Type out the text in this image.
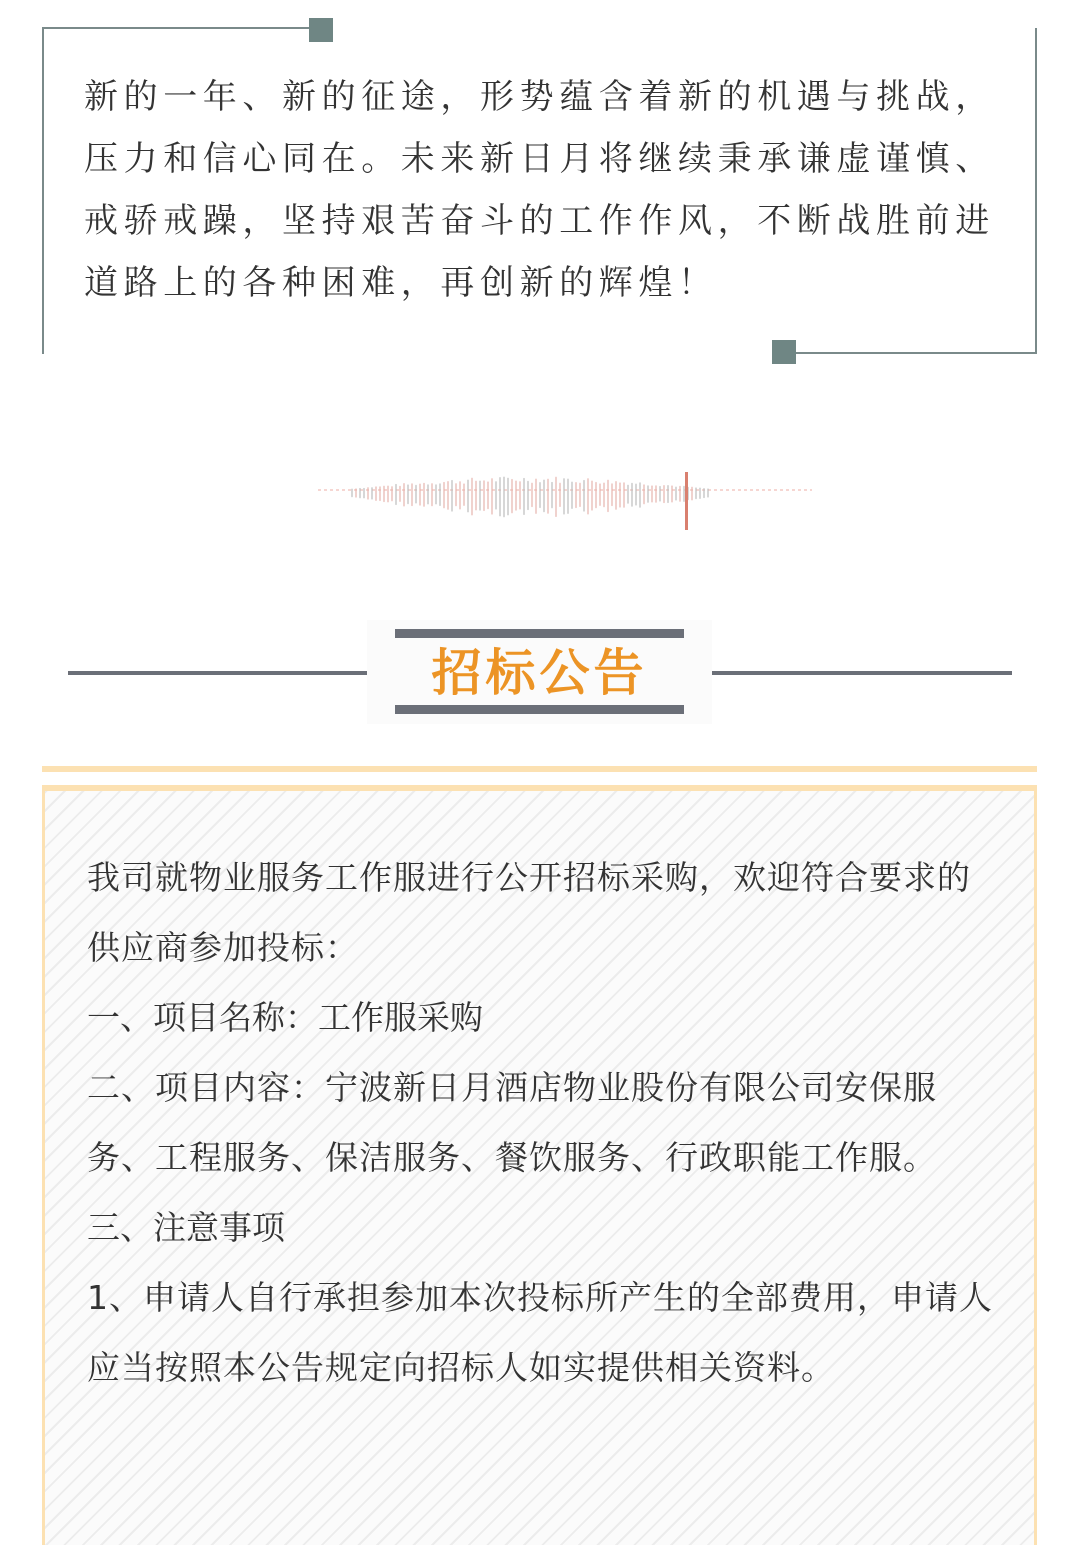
新的一年、新的征途，形势蕴含着新的机遇与挑战，压力和信心同在。未来新日月将继续秉承谦虚谨慎、戒骄戒躁，坚持艰苦奋斗的工作作风，不断战胜前进道路上的各种困难，再创新的辉煌！

招标公告

我司就物业服务工作服进行公开招标采购，欢迎符合要求的供应商参加投标：

一、项目名称：工作服采购

二、项目内容：宁波新日月酒店物业股份有限公司安保服务、工程服务、保洁服务、餐饮服务、行政职能工作服。

三、注意事项

1、申请人自行承担参加本次投标所产生的全部费用，申请人应当按照本公告规定向招标人如实提供相关资料。
